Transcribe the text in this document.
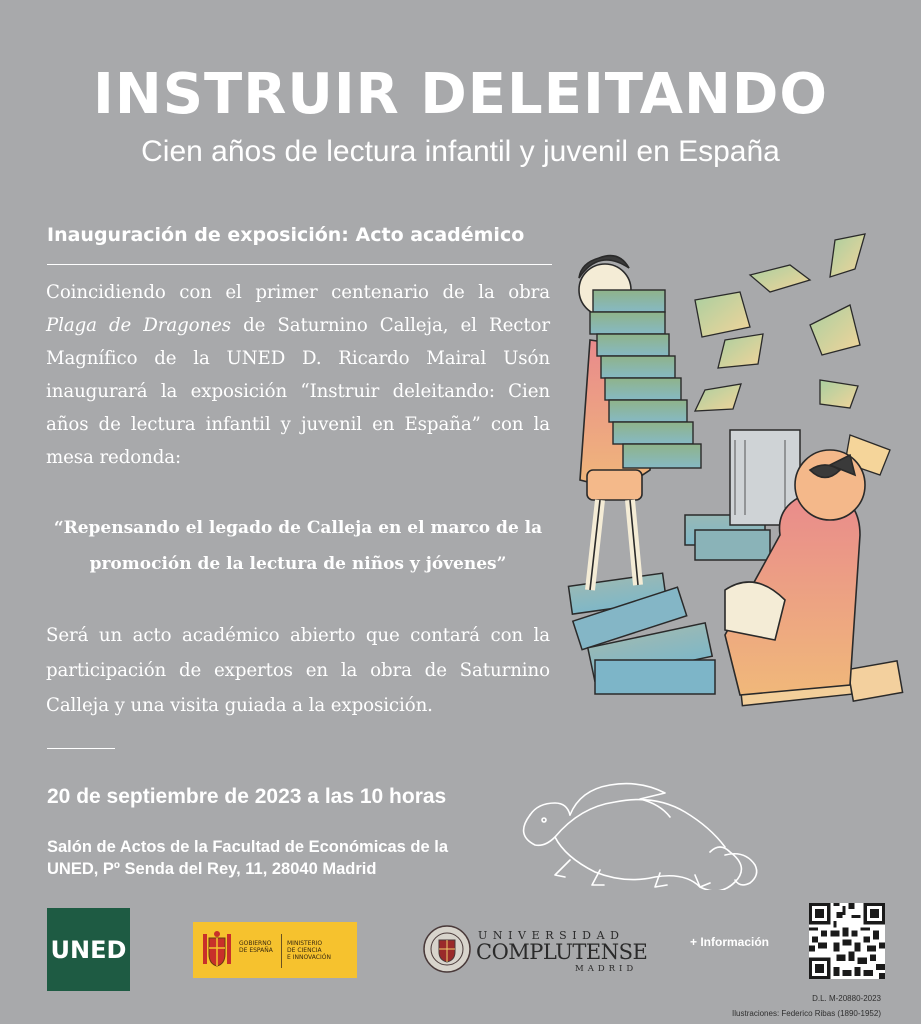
INSTRUIR DELEITANDO
Cien años de lectura infantil y juvenil en España
Inauguración de exposición: Acto académico
Coincidiendo con el primer centenario de la obra Plaga de Dragones de Saturnino Calleja, el Rector Magnífico de la UNED D. Ricardo Mairal Usón inaugurará la exposición “Instruir deleitando: Cien años de lectura infantil y juvenil en España” con la mesa redonda:
“Repensando el legado de Calleja en el marco de la promoción de la lectura de niños y jóvenes”
Será un acto académico abierto que contará con la participación de expertos en la obra de Saturnino Calleja y una visita guiada a la exposición.
20 de septiembre de 2023 a las 10 horas
Salón de Actos de la Facultad de Económicas de la
UNED, Pº Senda del Rey, 11, 28040 Madrid
UNED	GOBIERNO
DE ESPAÑA
MINISTERIO
DE CIENCIA
E INNOVACIÓN
UNIVERSIDAD
COMPLUTENSE
MADRID
+ Información
D.L. M-20880-2023
Ilustraciones: Federico Ribas (1890-1952)
